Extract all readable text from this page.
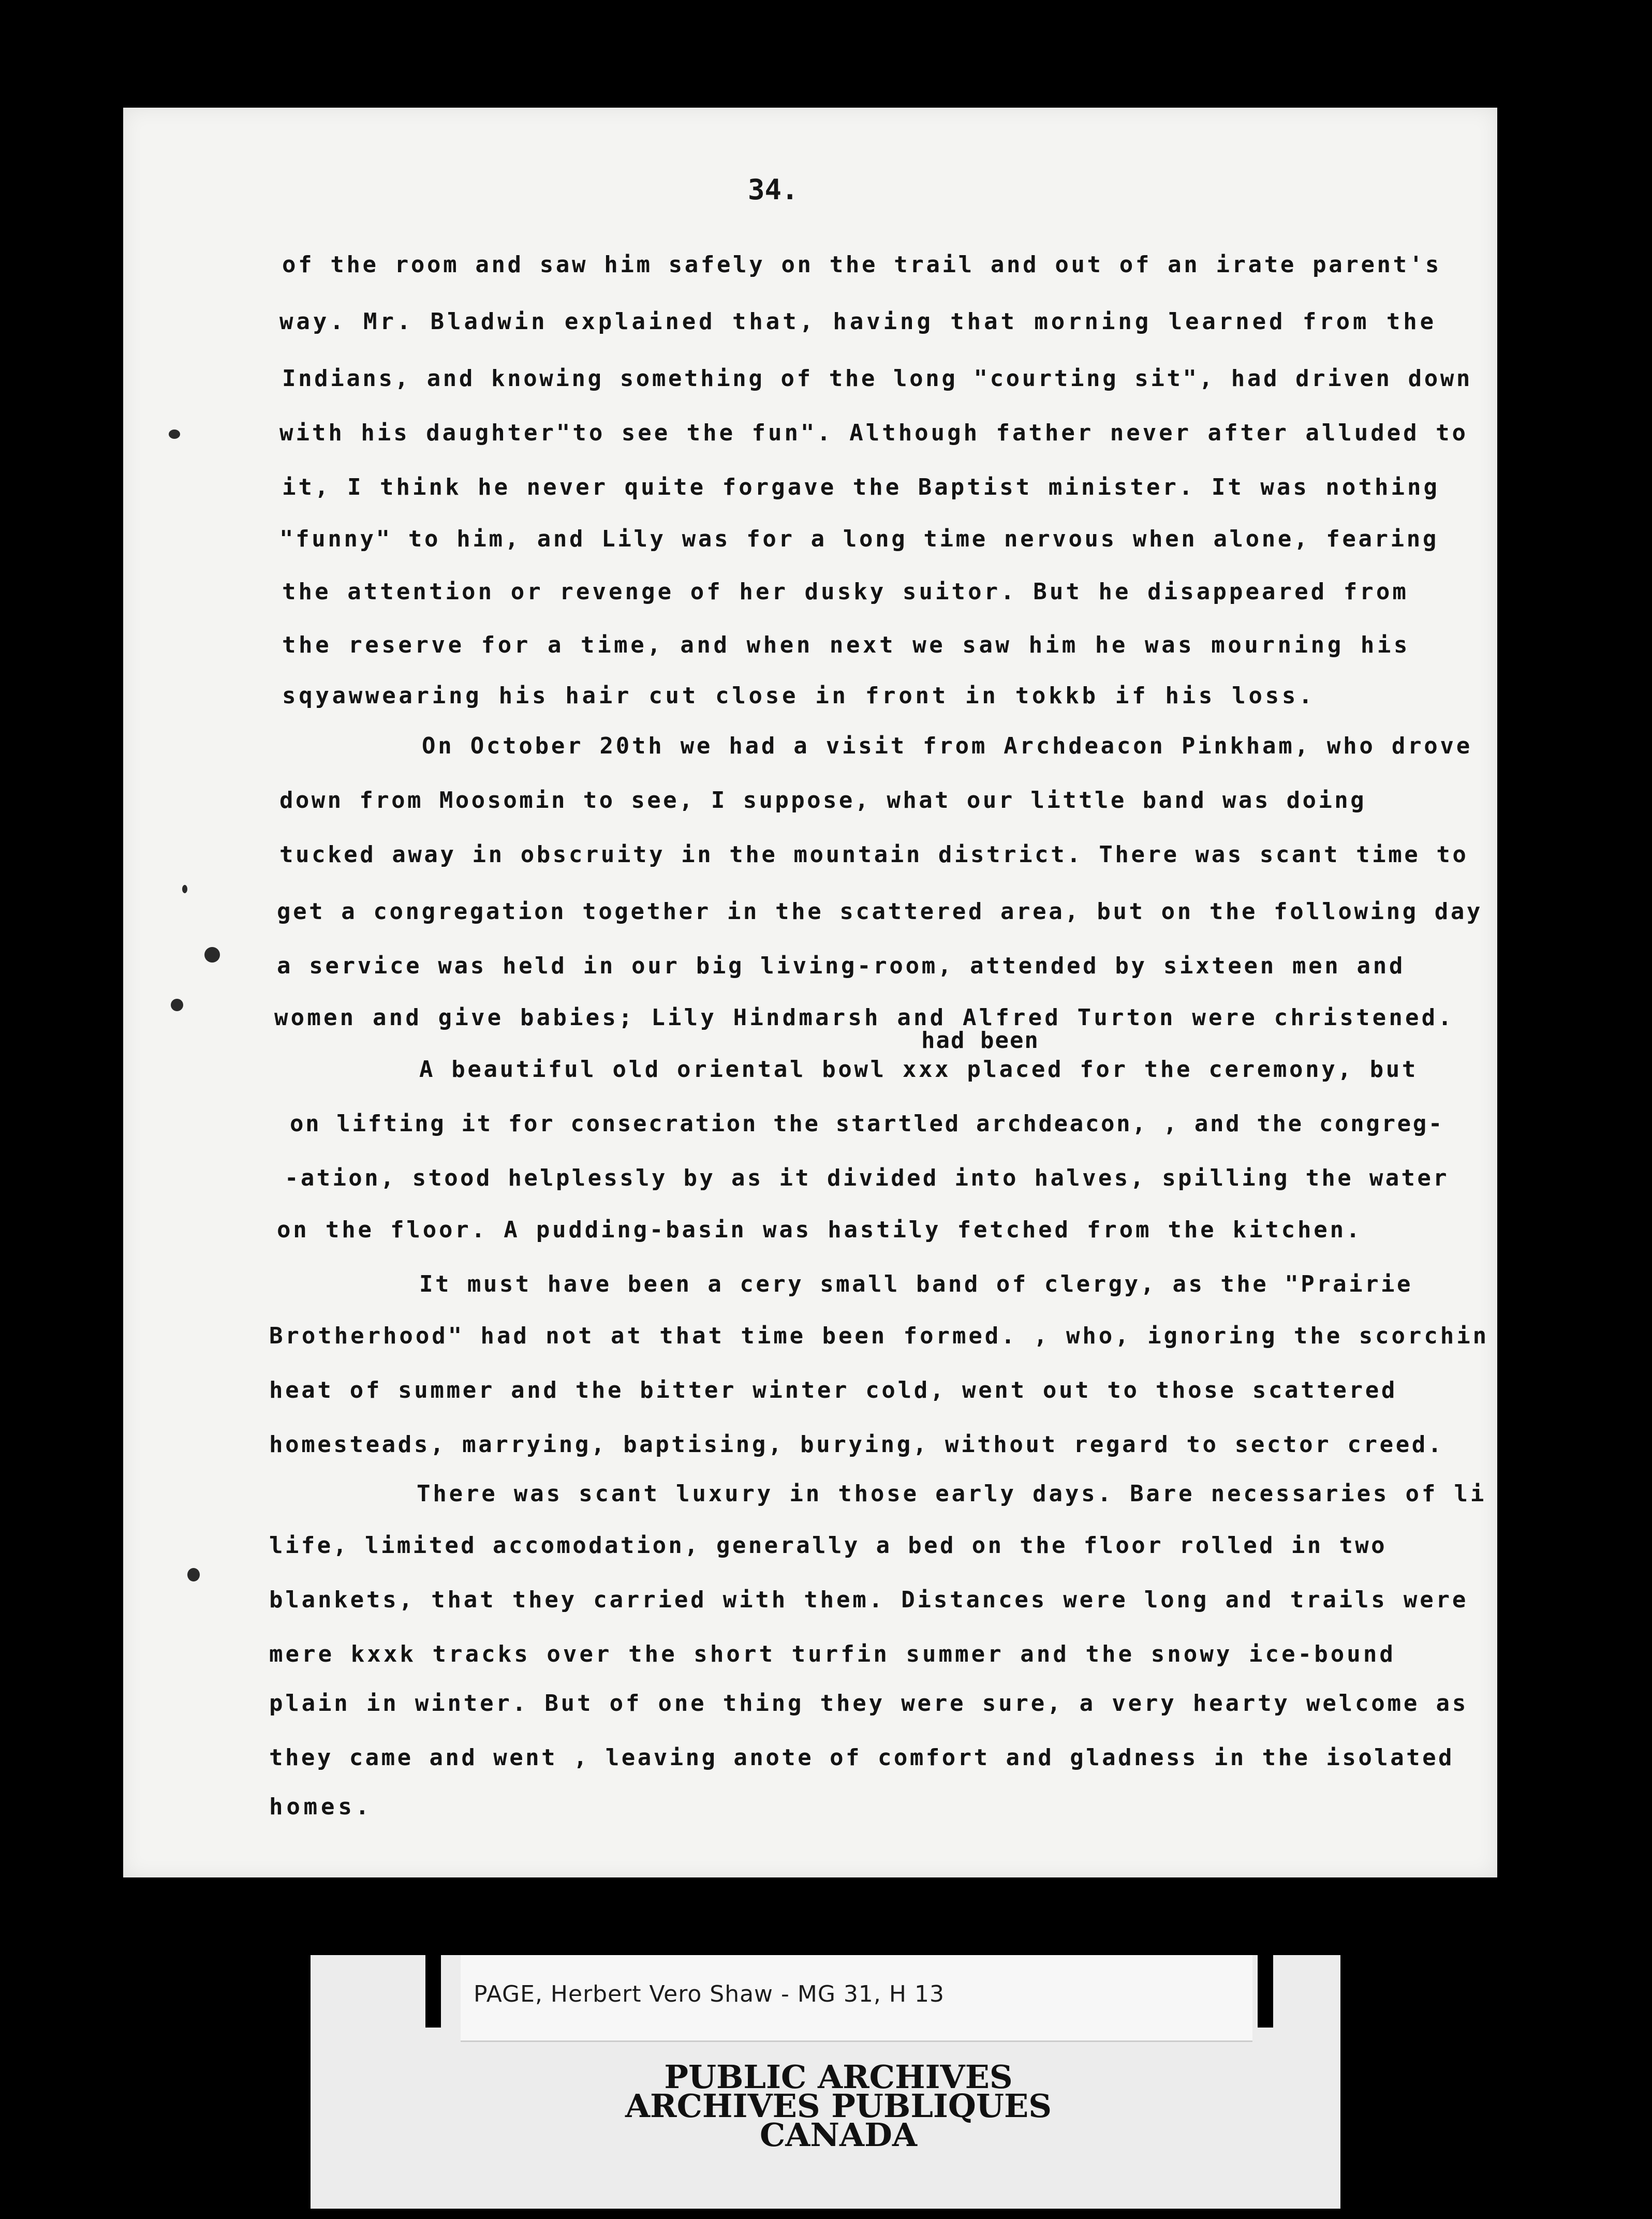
34.
of the room and saw him safely on the trail and out of an irate parent's
way. Mr. Bladwin explained that, having that morning learned from the
Indians, and knowing something of the long "courting sit", had driven down
with his daughter"to see the fun". Although father never after alluded to
it, I think he never quite forgave the Baptist minister. It was nothing
"funny" to him, and Lily was for a long time nervous when alone, fearing
the attention or revenge of her dusky suitor. But he disappeared from
the reserve for a time, and when next we saw him he was mourning his
sqyawwearing his hair cut close in front in tokkb if his loss.
On October 20th we had a visit from Archdeacon Pinkham, who drove
down from Moosomin to see, I suppose, what our little band was doing
tucked away in obscruity in the mountain district. There was scant time to
get a congregation together in the scattered area, but on the following day
a service was held in our big living-room, attended by sixteen men and
women and give babies; Lily Hindmarsh and Alfred Turton were christened.
had been
A beautiful old oriental bowl xxx placed for the ceremony, but
on lifting it for consecration the startled archdeacon, , and the congreg-
-ation, stood helplessly by as it divided into halves, spilling the water
on the floor. A pudding-basin was hastily fetched from the kitchen.
It must have been a cery small band of clergy, as the "Prairie
Brotherhood" had not at that time been formed. , who, ignoring the scorchin
heat of summer and the bitter winter cold, went out to those scattered
homesteads, marrying, baptising, burying, without regard to sector creed.
There was scant luxury in those early days. Bare necessaries of li
life, limited accomodation, generally a bed on the floor rolled in two
blankets, that they carried with them. Distances were long and trails were
mere kxxk tracks over the short turfin summer and the snowy ice-bound
plain in winter. But of one thing they were sure, a very hearty welcome as
they came and went , leaving anote of comfort and gladness in the isolated
homes.
PAGE, Herbert Vero Shaw - MG 31, H 13
PUBLIC ARCHIVES
ARCHIVES PUBLIQUES
CANADA
